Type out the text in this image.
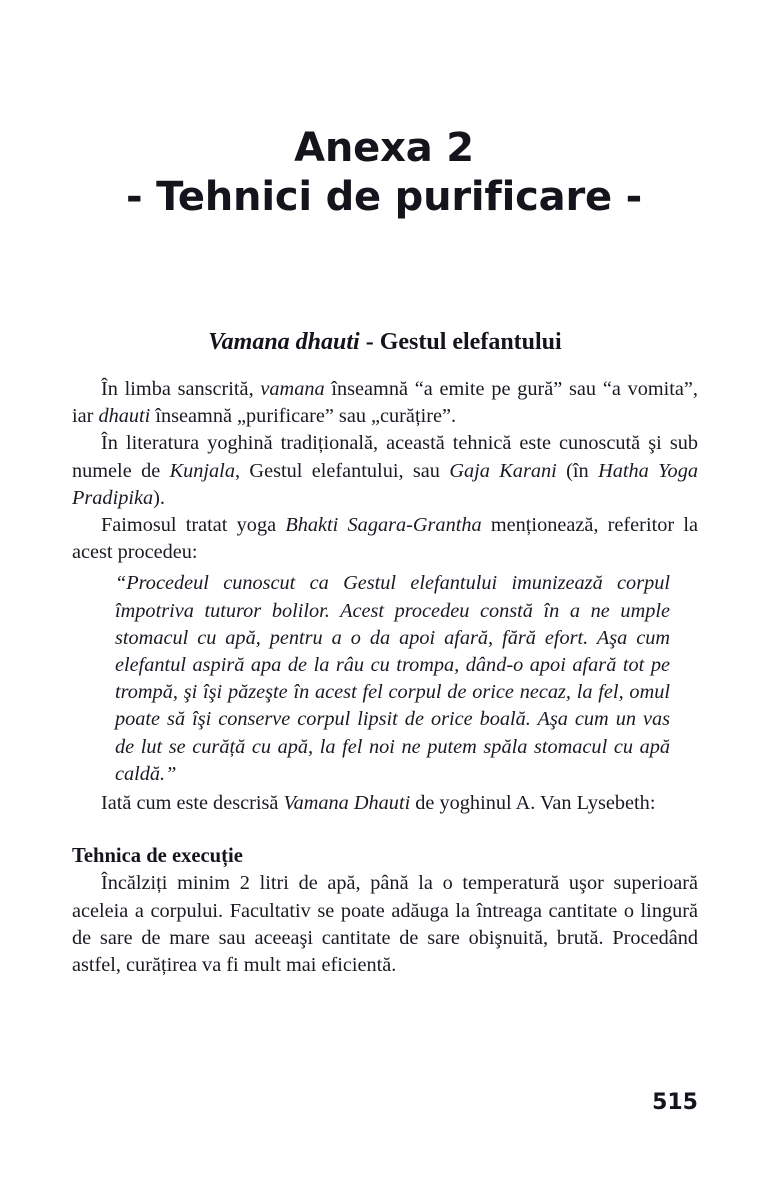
Anexa 2
- Tehnici de purificare -
Vamana dhauti - Gestul elefantului

În limba sanscrită, vamana înseamnă “a emite pe gură” sau “a vomita”, iar dhauti înseamnă „purificare” sau „curățire”.

În literatura yoghină tradițională, această tehnică este cunoscută şi sub numele de Kunjala, Gestul elefantului, sau Gaja Karani (în Hatha Yoga Pradipika).

Faimosul tratat yoga Bhakti Sagara-Grantha menționează, referitor la acest procedeu:

“Procedeul cunoscut ca Gestul elefantului imunizează corpul împotriva tuturor bolilor. Acest procedeu constă în a ne umple stomacul cu apă, pentru a o da apoi afară, fără efort. Aşa cum elefantul aspiră apa de la râu cu trompa, dând-o apoi afară tot pe trompă, şi îşi păzeşte în acest fel corpul de orice necaz, la fel, omul poate să îşi conserve corpul lipsit de orice boală. Aşa cum un vas de lut se curăță cu apă, la fel noi ne putem spăla stomacul cu apă caldă.”

Iată cum este descrisă Vamana Dhauti de yoghinul A. Van Lysebeth:

Tehnica de execuție

Încălziți minim 2 litri de apă, până la o temperatură uşor superioară aceleia a corpului. Facultativ se poate adăuga la întreaga cantitate o lingură de sare de mare sau aceeaşi cantitate de sare obişnuită, brută. Procedând astfel, curățirea va fi mult mai eficientă.

515
